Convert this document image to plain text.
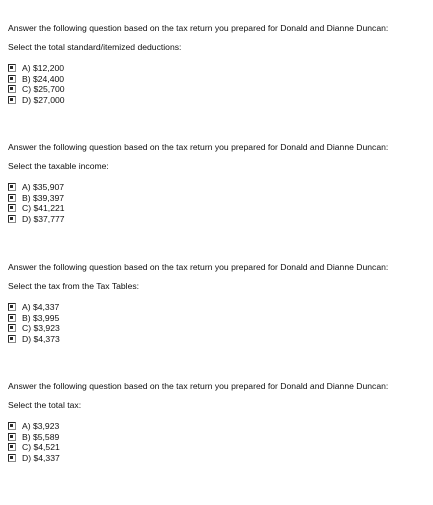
Answer the following question based on the tax return you prepared for Donald and Dianne Duncan:

Select the total standard/itemized deductions:

A)
$12,200
B)
$24,400
C)
$25,700
D)
$27,000

Answer the following question based on the tax return you prepared for Donald and Dianne Duncan:

Select the taxable income:

A)
$35,907
B)
$39,397
C)
$41,221
D)
$37,777

Answer the following question based on the tax return you prepared for Donald and Dianne Duncan:

Select the tax from the Tax Tables:

A)
$4,337
B)
$3,995
C)
$3,923
D)
$4,373

Answer the following question based on the tax return you prepared for Donald and Dianne Duncan:

Select the total tax:

A)
$3,923
B)
$5,589
C)
$4,521
D)
$4,337
